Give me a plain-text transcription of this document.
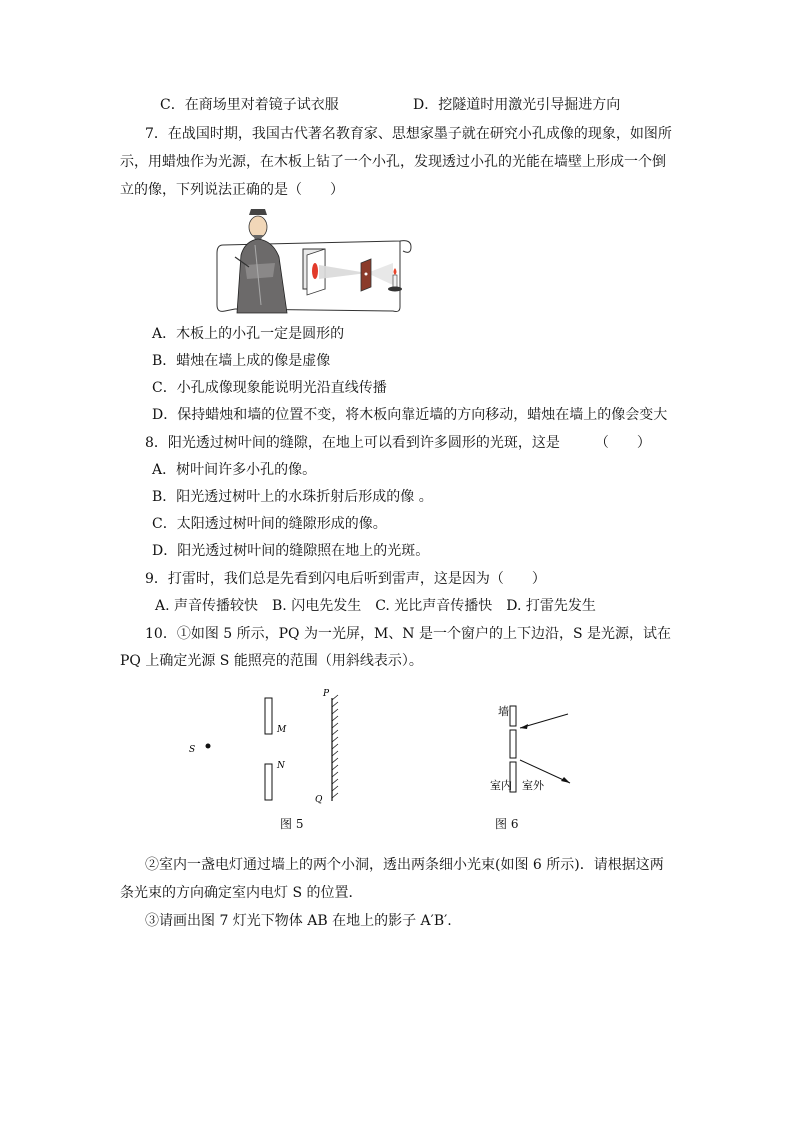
C．在商场里对着镜子试衣服	D．挖隧道时用激光引导掘进方向
7．在战国时期，我国古代著名教育家、思想家墨子就在研究小孔成像的现象，如图所
示，用蜡烛作为光源，在木板上钻了一个小孔，发现透过小孔的光能在墙壁上形成一个倒
立的像，下列说法正确的是（　　）
A．木板上的小孔一定是圆形的
B．蜡烛在墙上成的像是虚像
C．小孔成像现象能说明光沿直线传播
D．保持蜡烛和墙的位置不变，将木板向靠近墙的方向移动，蜡烛在墙上的像会变大
8．阳光透过树叶间的缝隙，在地上可以看到许多圆形的光斑，这是　　　（　　）
A．树叶间许多小孔的像。
B．阳光透过树叶上的水珠折射后形成的像 。
C．太阳透过树叶间的缝隙形成的像。
D．阳光透过树叶间的缝隙照在地上的光斑。
9．打雷时，我们总是先看到闪电后听到雷声，这是因为（　　）
A. 声音传播较快　B. 闪电先发生　C. 光比声音传播快　D. 打雷先发生
10．①如图 5 所示，PQ 为一光屏，M、N 是一个窗户的上下边沿，S 是光源，试在
PQ 上确定光源 S 能照亮的范围（用斜线表示）。
S
M
N
P
Q
图 5
墙
室内 室外
图 6
②室内一盏电灯通过墙上的两个小洞，透出两条细小光束(如图 6 所示)．请根据这两
条光束的方向确定室内电灯 S 的位置．
③请画出图 7 灯光下物体 AB 在地上的影子 A′B′.
